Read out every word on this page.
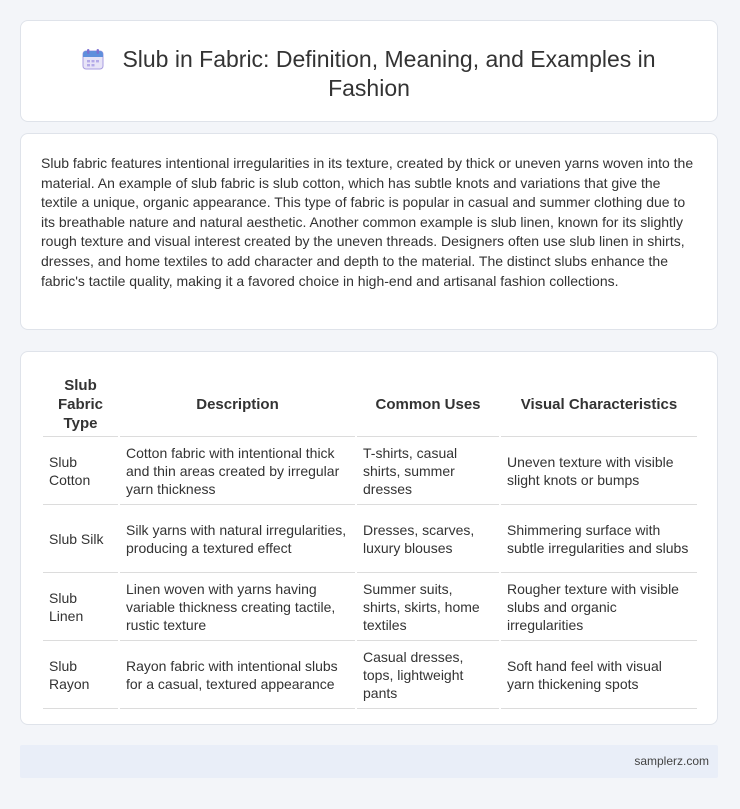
Slub in Fabric: Definition, Meaning, and Examples in Fashion
Slub fabric features intentional irregularities in its texture, created by thick or uneven yarns woven into the material. An example of slub fabric is slub cotton, which has subtle knots and variations that give the textile a unique, organic appearance. This type of fabric is popular in casual and summer clothing due to its breathable nature and natural aesthetic. Another common example is slub linen, known for its slightly rough texture and visual interest created by the uneven threads. Designers often use slub linen in shirts, dresses, and home textiles to add character and depth to the material. The distinct slubs enhance the fabric's tactile quality, making it a favored choice in high-end and artisanal fashion collections.
Slub Fabric Type	Description	Common Uses	Visual Characteristics
Slub Cotton	Cotton fabric with intentional thick and thin areas created by irregular yarn thickness	T-shirts, casual shirts, summer dresses	Uneven texture with visible slight knots or bumps
Slub Silk	Silk yarns with natural irregularities, producing a textured effect	Dresses, scarves, luxury blouses	Shimmering surface with subtle irregularities and slubs
Slub Linen	Linen woven with yarns having variable thickness creating tactile, rustic texture	Summer suits, shirts, skirts, home textiles	Rougher texture with visible slubs and organic irregularities
Slub Rayon	Rayon fabric with intentional slubs for a casual, textured appearance	Casual dresses, tops, lightweight pants	Soft hand feel with visual yarn thickening spots
samplerz.com
